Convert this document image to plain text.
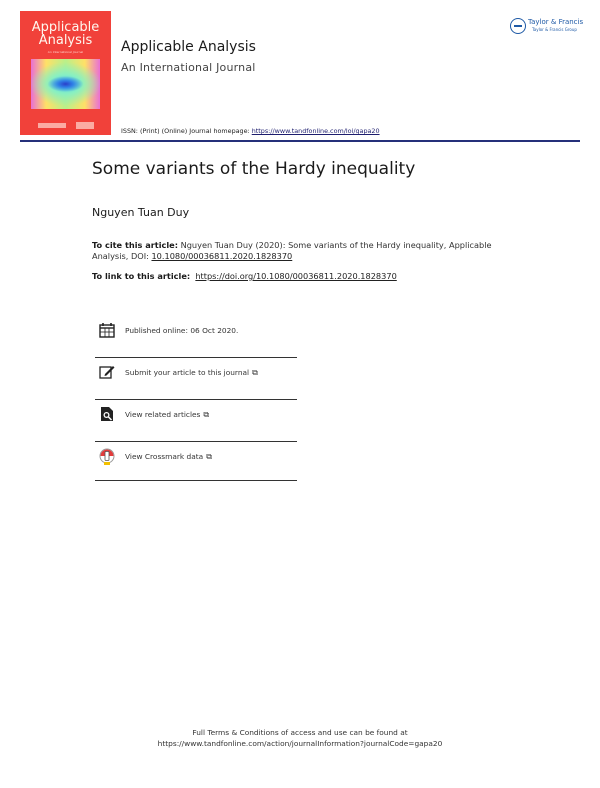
Applicable
Analysis
An International Journal	Applicable Analysis
An International Journal
Taylor & Francis
Taylor & Francis Group
ISSN: (Print) (Online) Journal homepage: https://www.tandfonline.com/loi/gapa20
Some variants of the Hardy inequality
Nguyen Tuan Duy
To cite this article: Nguyen Tuan Duy (2020): Some variants of the Hardy inequality, Applicable Analysis, DOI: 10.1080/00036811.2020.1828370
To link to this article: https://doi.org/10.1080/00036811.2020.1828370
Published online: 06 Oct 2020.
Submit your article to this journal ⧉
View related articles ⧉
View Crossmark data ⧉
Full Terms & Conditions of access and use can be found at
https://www.tandfonline.com/action/journalInformation?journalCode=gapa20
